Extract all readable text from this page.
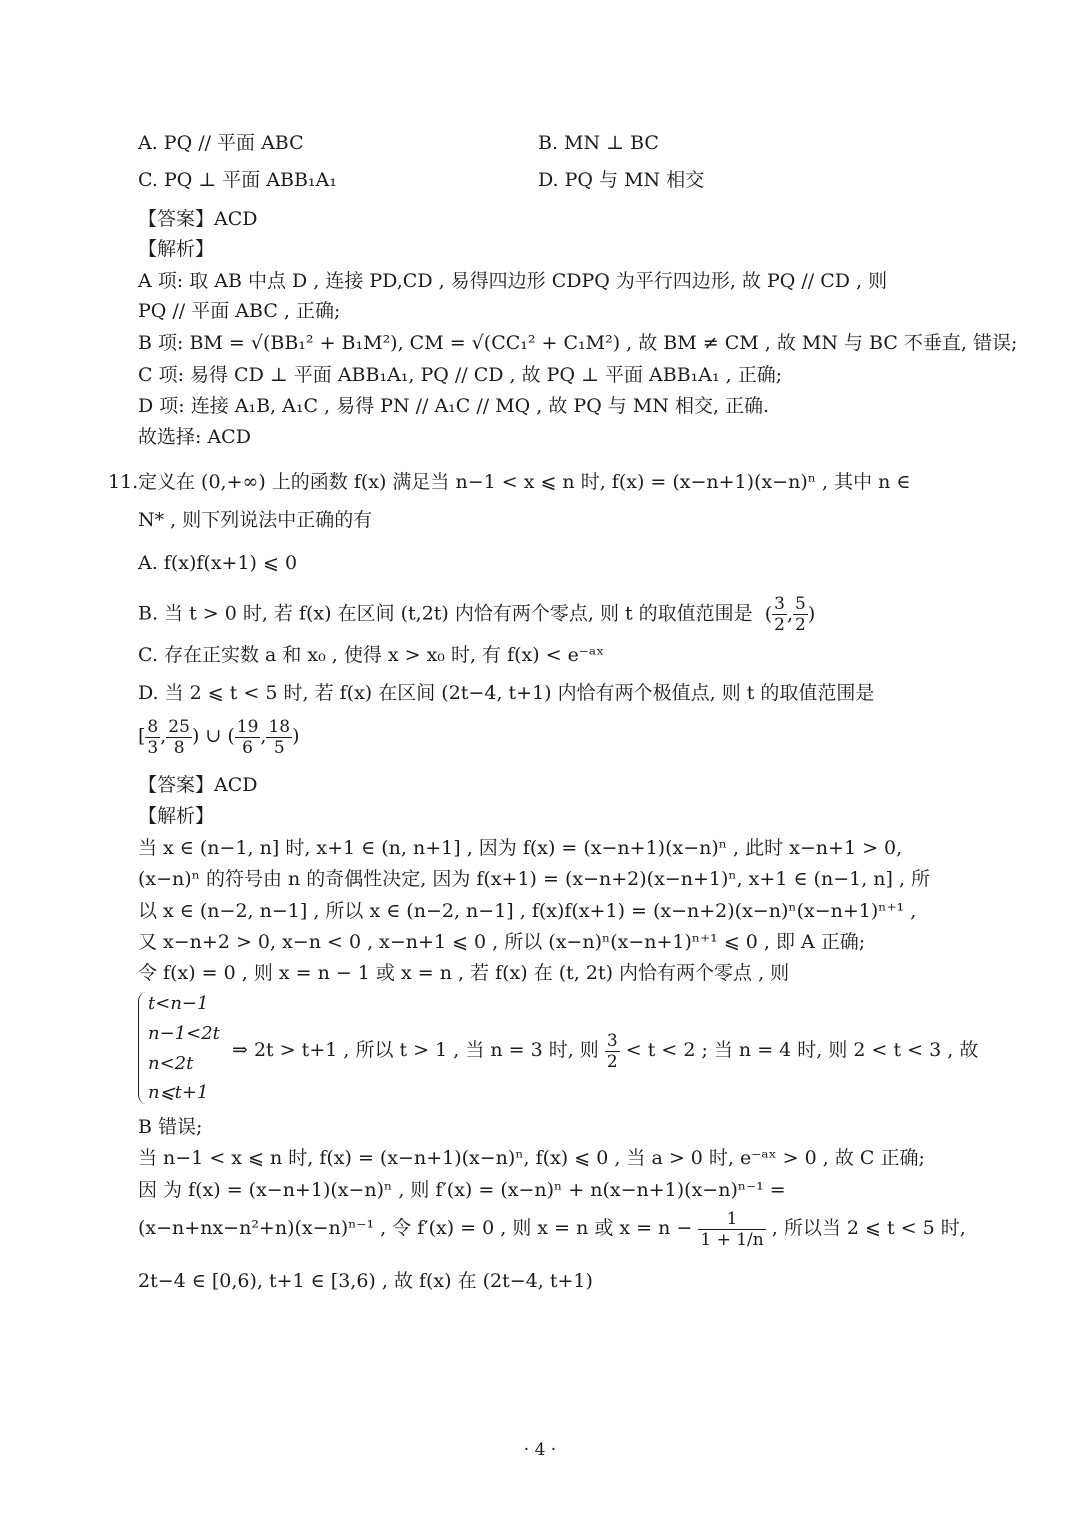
A. PQ // 平面 ABC	B. MN ⊥ BC
C. PQ ⊥ 平面 ABB₁A₁	D. PQ 与 MN 相交
【答案】ACD
【解析】
A 项: 取 AB 中点 D , 连接 PD,CD , 易得四边形 CDPQ 为平行四边形, 故 PQ // CD , 则
PQ // 平面 ABC , 正确;
B 项: BM = √(BB₁² + B₁M²), CM = √(CC₁² + C₁M²) , 故 BM ≠ CM , 故 MN 与 BC 不垂直, 错误;
C 项: 易得 CD ⊥ 平面 ABB₁A₁, PQ // CD , 故 PQ ⊥ 平面 ABB₁A₁ , 正确;
D 项: 连接 A₁B, A₁C , 易得 PN // A₁C // MQ , 故 PQ 与 MN 相交, 正确.
故选择: ACD
11. 定义在 (0,+∞) 上的函数 f(x) 满足当 n−1 < x ⩽ n 时, f(x) = (x−n+1)(x−n)ⁿ , 其中 n ∈
N* , 则下列说法中正确的有
A. f(x)f(x+1) ⩽ 0
B. 当 t > 0 时, 若 f(x) 在区间 (t,2t) 内恰有两个零点, 则 t 的取值范围是  ( $\frac{3}{2}$ , $\frac{5}{2}$ )
C. 存在正实数 a 和 x₀ , 使得 x > x₀ 时, 有 f(x) < e⁻ᵃˣ
D. 当 2 ⩽ t < 5 时, 若 f(x) 在区间 (2t−4, t+1) 内恰有两个极值点, 则 t 的取值范围是
[ $\frac{8}{3}$ , $\frac{25}{8}$ ) ∪ ( $\frac{19}{6}$ , $\frac{18}{5}$ )
【答案】ACD
【解析】
当 x ∈ (n−1, n] 时, x+1 ∈ (n, n+1] , 因为 f(x) = (x−n+1)(x−n)ⁿ , 此时 x−n+1 > 0,
(x−n)ⁿ 的符号由 n 的奇偶性决定, 因为 f(x+1) = (x−n+2)(x−n+1)ⁿ, x+1 ∈ (n−1, n] , 所
以 x ∈ (n−2, n−1] , 所以 x ∈ (n−2, n−1] , f(x)f(x+1) = (x−n+2)(x−n)ⁿ(x−n+1)ⁿ⁺¹ ,
又 x−n+2 > 0, x−n < 0 , x−n+1 ⩽ 0 , 所以 (x−n)ⁿ(x−n+1)ⁿ⁺¹ ⩽ 0 , 即 A 正确;
令 f(x) = 0 , 则 x = n − 1 或 x = n , 若 f(x) 在 (t, 2t) 内恰有两个零点 , 则
t<n−1
n−1<2t
n<2t
n⩽t+1
⇒ 2t > t+1 , 所以 t > 1 , 当 n = 3 时, 则 $\frac{3}{2} < t < 2$ ; 当 n = 4 时, 则 2 < t < 3 , 故
B 错误;
当 n−1 < x ⩽ n 时, f(x) = (x−n+1)(x−n)ⁿ, f(x) ⩽ 0 , 当 a > 0 时, e⁻ᵃˣ > 0 , 故 C 正确;
因 为 f(x) = (x−n+1)(x−n)ⁿ , 则 f′(x) = (x−n)ⁿ + n(x−n+1)(x−n)ⁿ⁻¹ =
(x−n+nx−n²+n)(x−n)ⁿ⁻¹ , 令 f′(x) = 0 , 则 x = n 或 $x = n - \frac{1}{1 + 1/n}$ , 所以当 2 ⩽ t < 5 时,
2t−4 ∈ [0,6), t+1 ∈ [3,6) , 故 f(x) 在 (2t−4, t+1)
· 4 ·
